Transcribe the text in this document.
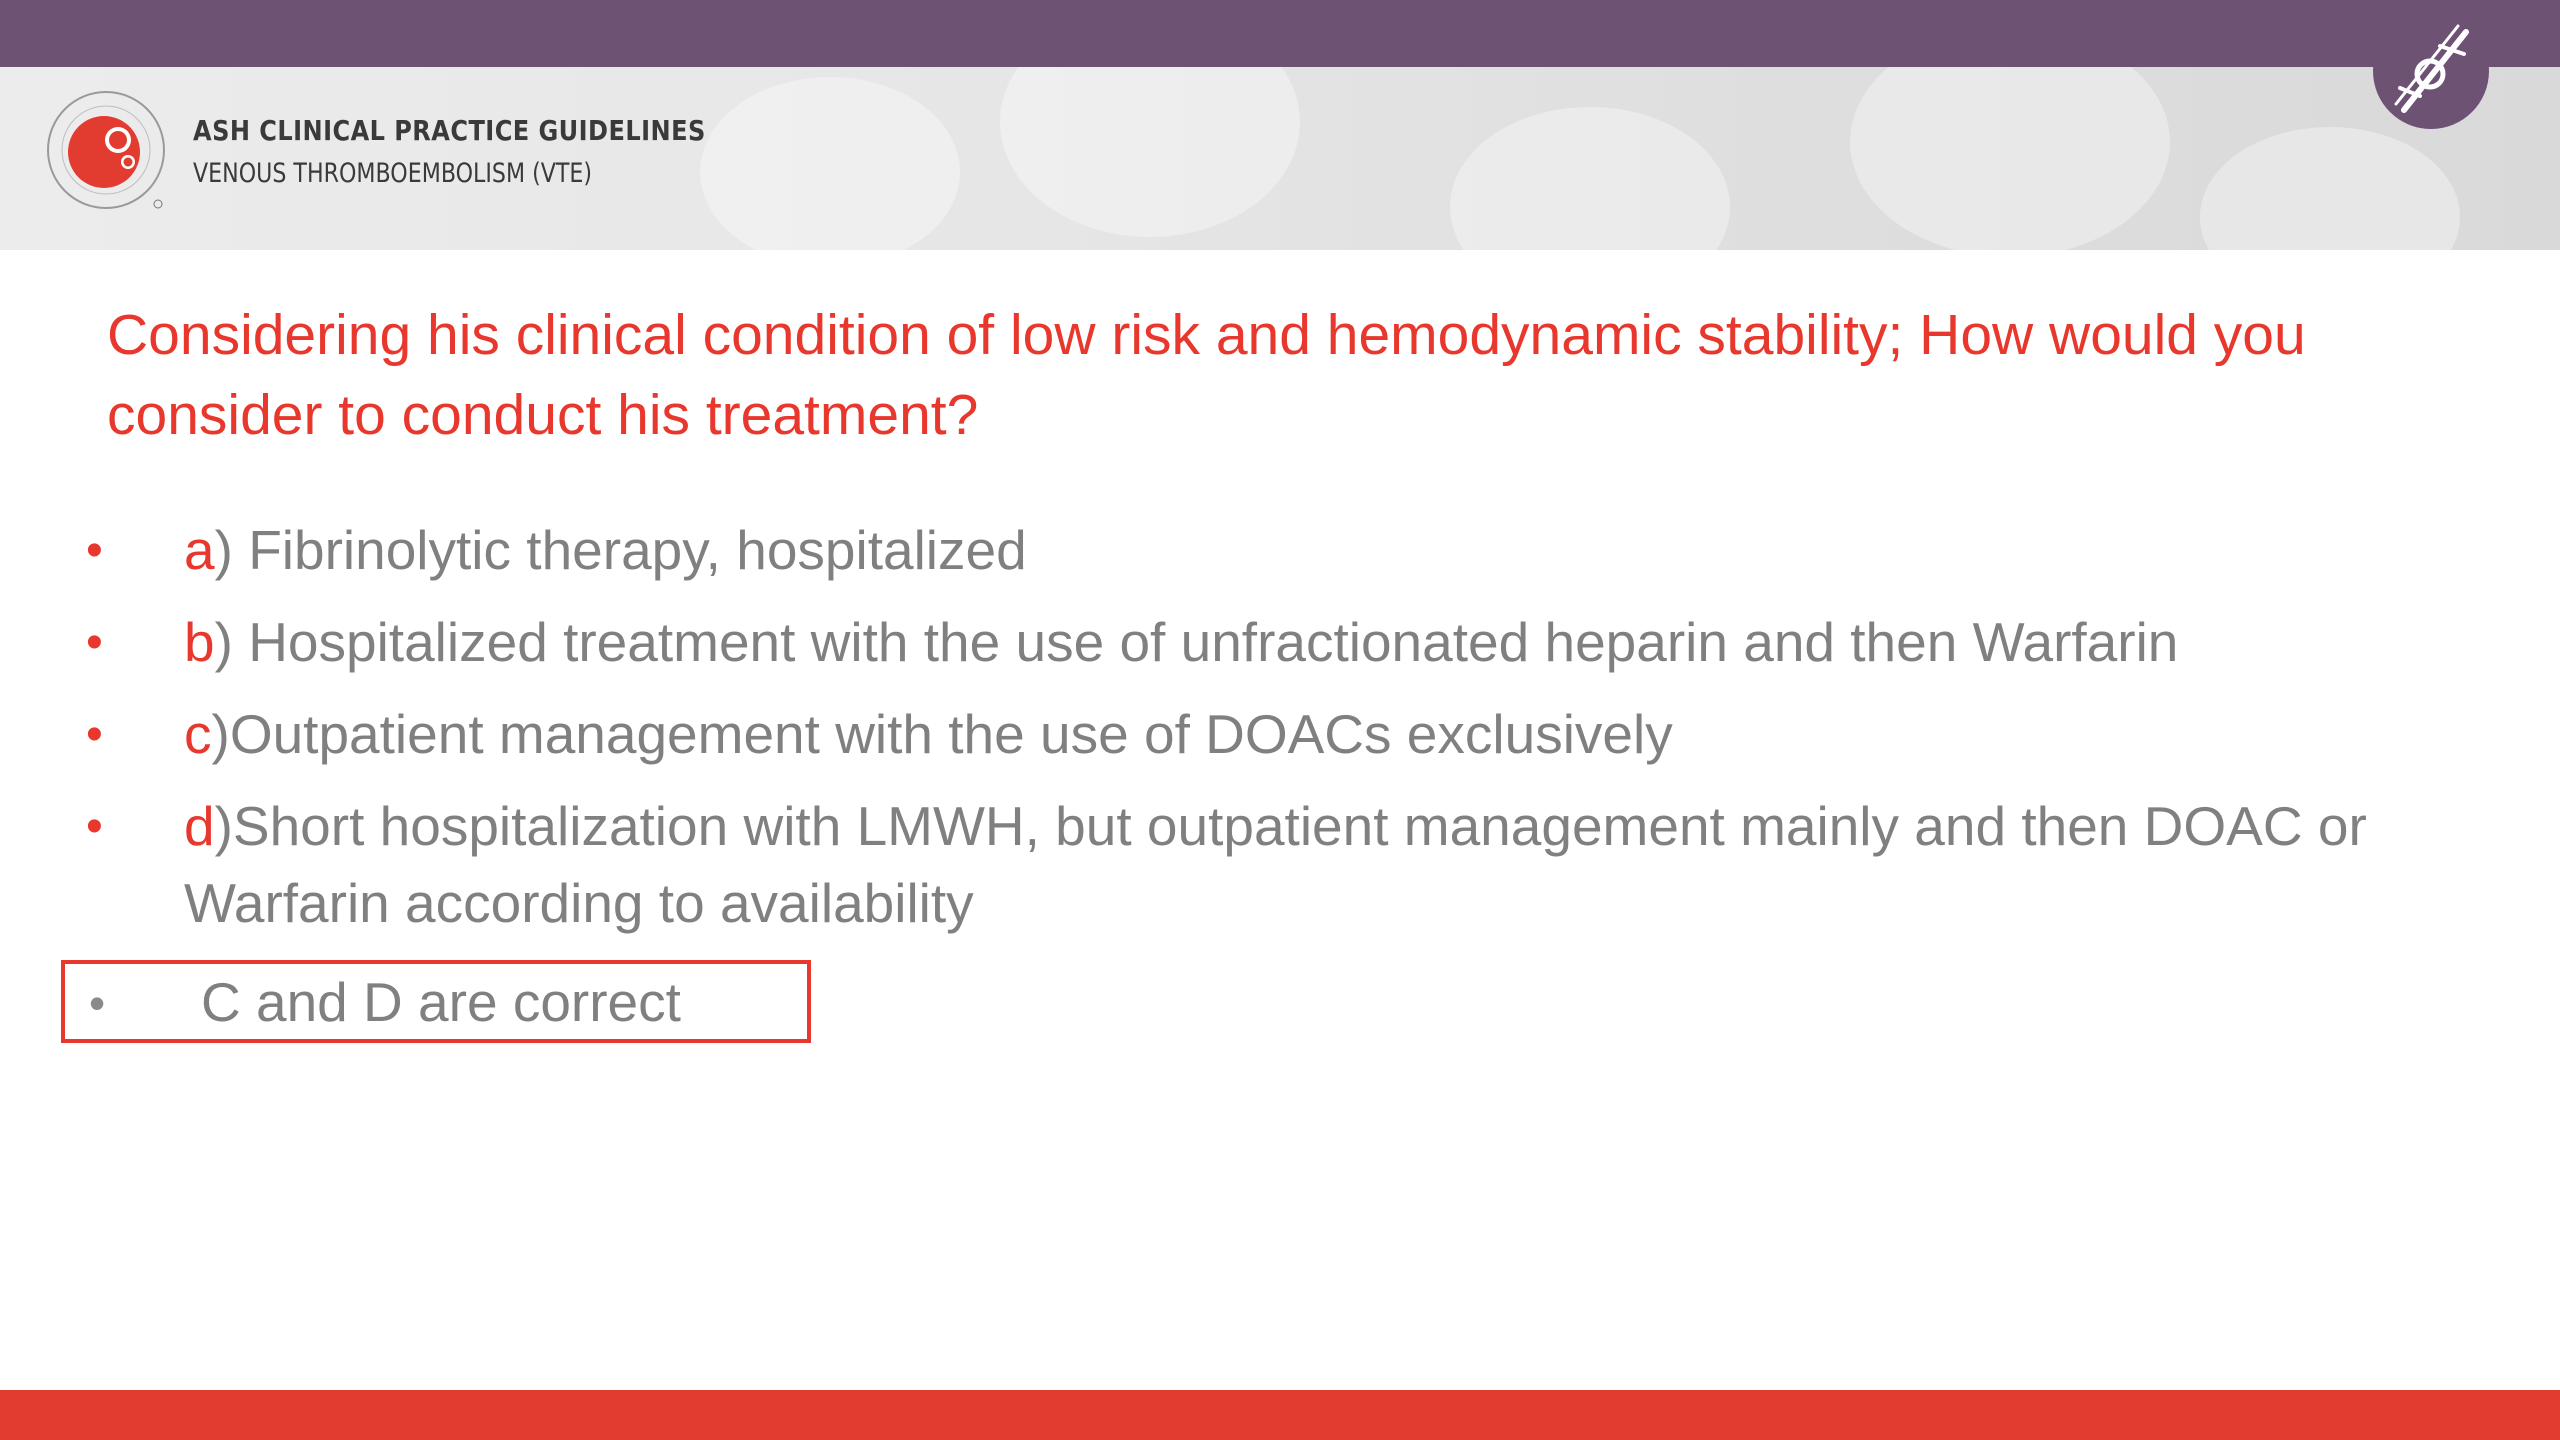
ASH CLINICAL PRACTICE GUIDELINES
VENOUS THROMBOEMBOLISM (VTE)

Considering his clinical condition of low risk and hemodynamic stability; How would you consider to conduct his treatment?

• a) Fibrinolytic therapy, hospitalized
• b) Hospitalized treatment with the use of unfractionated heparin and then Warfarin
• c)Outpatient management with the use of DOACs exclusively
• d)Short hospitalization with LMWH, but outpatient management mainly and then DOAC or Warfarin according to availability
• C and D are correct
